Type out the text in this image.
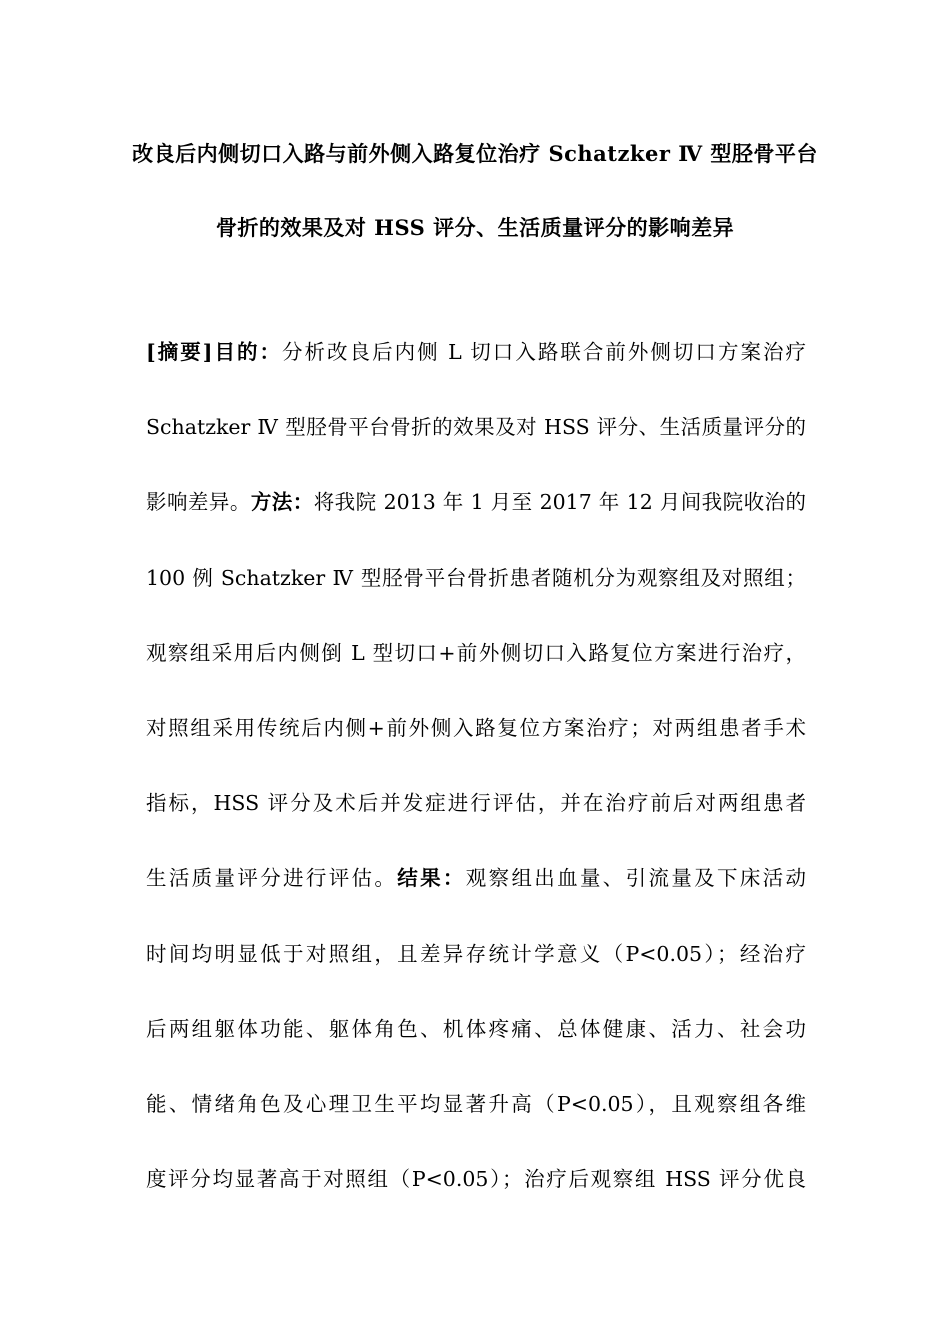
改良后内侧切口入路与前外侧入路复位治疗 Schatzker Ⅳ 型胫骨平台
骨折的效果及对 HSS 评分、生活质量评分的影响差异
[摘要]目的：分析改良后内侧 L 切口入路联合前外侧切口方案治疗
Schatzker Ⅳ 型胫骨平台骨折的效果及对 HSS 评分、生活质量评分的
影响差异。方法：将我院 2013 年 1 月至 2017 年 12 月间我院收治的
100 例 Schatzker Ⅳ 型胫骨平台骨折患者随机分为观察组及对照组；
观察组采用后内侧倒 L 型切口+前外侧切口入路复位方案进行治疗，
对照组采用传统后内侧+前外侧入路复位方案治疗；对两组患者手术
指标，HSS 评分及术后并发症进行评估，并在治疗前后对两组患者
生活质量评分进行评估。结果：观察组出血量、引流量及下床活动
时间均明显低于对照组，且差异存统计学意义（P<0.05）；经治疗
后两组躯体功能、躯体角色、机体疼痛、总体健康、活力、社会功
能、情绪角色及心理卫生平均显著升高（P<0.05），且观察组各维
度评分均显著高于对照组（P<0.05）；治疗后观察组 HSS 评分优良
